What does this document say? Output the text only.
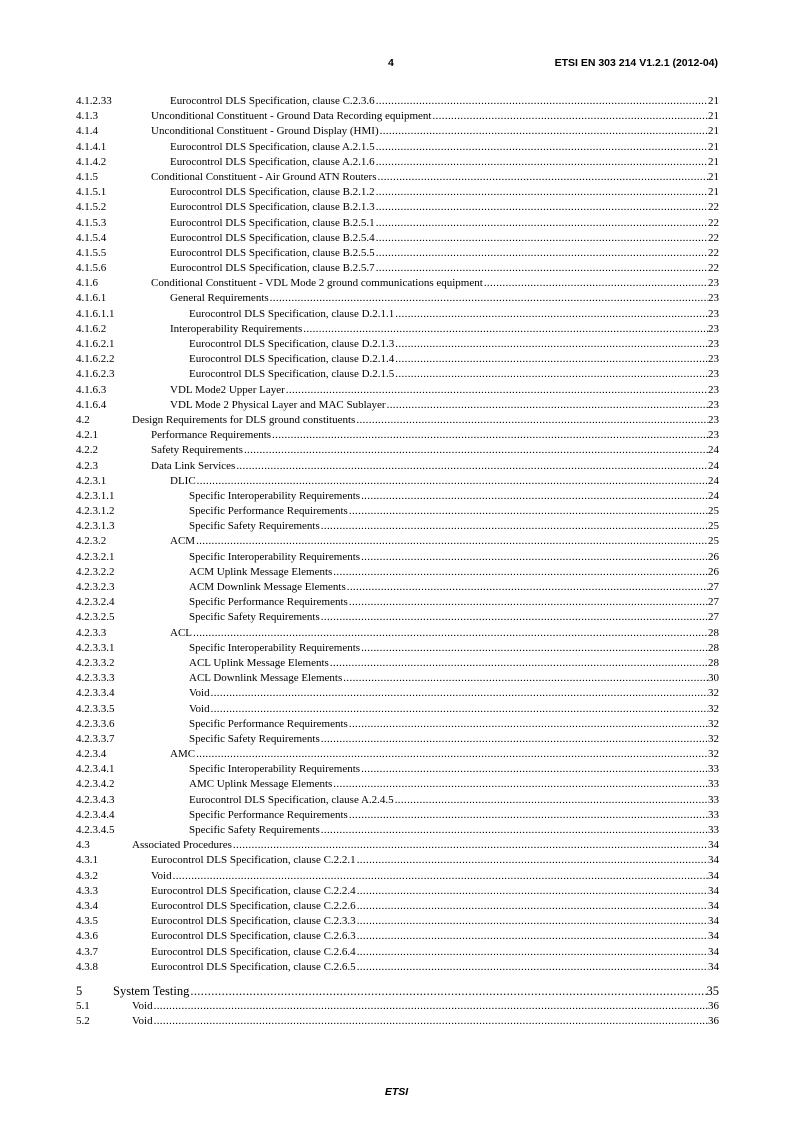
4	ETSI EN 303 214 V1.2.1 (2012-04)
4.1.2.33	Eurocontrol DLS Specification, clause C.2.3.6 .....	21
4.1.3	Unconditional Constituent - Ground Data Recording equipment .....	21
4.1.4	Unconditional Constituent - Ground Display (HMI) .....	21
4.1.4.1	Eurocontrol DLS Specification, clause A.2.1.5 .....	21
4.1.4.2	Eurocontrol DLS Specification, clause A.2.1.6 .....	21
4.1.5	Conditional Constituent - Air Ground ATN Routers .....	21
4.1.5.1	Eurocontrol DLS Specification, clause B.2.1.2 .....	21
4.1.5.2	Eurocontrol DLS Specification, clause B.2.1.3 .....	22
4.1.5.3	Eurocontrol DLS Specification, clause B.2.5.1 .....	22
4.1.5.4	Eurocontrol DLS Specification, clause B.2.5.4 .....	22
4.1.5.5	Eurocontrol DLS Specification, clause B.2.5.5 .....	22
4.1.5.6	Eurocontrol DLS Specification, clause B.2.5.7 .....	22
4.1.6	Conditional Constituent - VDL Mode 2 ground communications equipment .....	23
4.1.6.1	General Requirements .....	23
4.1.6.1.1	Eurocontrol DLS Specification, clause D.2.1.1 .....	23
4.1.6.2	Interoperability Requirements .....	23
4.1.6.2.1	Eurocontrol DLS Specification, clause D.2.1.3 .....	23
4.1.6.2.2	Eurocontrol DLS Specification, clause D.2.1.4 .....	23
4.1.6.2.3	Eurocontrol DLS Specification, clause D.2.1.5 .....	23
4.1.6.3	VDL Mode2 Upper Layer .....	23
4.1.6.4	VDL Mode 2 Physical Layer and MAC Sublayer .....	23
4.2	Design Requirements for DLS ground constituents .....	23
4.2.1	Performance Requirements .....	23
4.2.2	Safety Requirements .....	24
4.2.3	Data Link Services .....	24
4.2.3.1	DLIC .....	24
4.2.3.1.1	Specific Interoperability Requirements .....	24
4.2.3.1.2	Specific Performance Requirements .....	25
4.2.3.1.3	Specific Safety Requirements .....	25
4.2.3.2	ACM .....	25
4.2.3.2.1	Specific Interoperability Requirements .....	26
4.2.3.2.2	ACM Uplink Message Elements .....	26
4.2.3.2.3	ACM Downlink Message Elements .....	27
4.2.3.2.4	Specific Performance Requirements .....	27
4.2.3.2.5	Specific Safety Requirements .....	27
4.2.3.3	ACL .....	28
4.2.3.3.1	Specific Interoperability Requirements .....	28
4.2.3.3.2	ACL Uplink Message Elements .....	28
4.2.3.3.3	ACL Downlink Message Elements .....	30
4.2.3.3.4	Void .....	32
4.2.3.3.5	Void .....	32
4.2.3.3.6	Specific Performance Requirements .....	32
4.2.3.3.7	Specific Safety Requirements .....	32
4.2.3.4	AMC .....	32
4.2.3.4.1	Specific Interoperability Requirements .....	33
4.2.3.4.2	AMC Uplink Message Elements .....	33
4.2.3.4.3	Eurocontrol DLS Specification, clause A.2.4.5 .....	33
4.2.3.4.4	Specific Performance Requirements .....	33
4.2.3.4.5	Specific Safety Requirements .....	33
4.3	Associated Procedures .....	34
4.3.1	Eurocontrol DLS Specification, clause C.2.2.1 .....	34
4.3.2	Void .....	34
4.3.3	Eurocontrol DLS Specification, clause C.2.2.4 .....	34
4.3.4	Eurocontrol DLS Specification, clause C.2.2.6 .....	34
4.3.5	Eurocontrol DLS Specification, clause C.2.3.3 .....	34
4.3.6	Eurocontrol DLS Specification, clause C.2.6.3 .....	34
4.3.7	Eurocontrol DLS Specification, clause C.2.6.4 .....	34
4.3.8	Eurocontrol DLS Specification, clause C.2.6.5 .....	34
5 System Testing .....	35
5.1	Void .....	36
5.2	Void .....	36
ETSI
